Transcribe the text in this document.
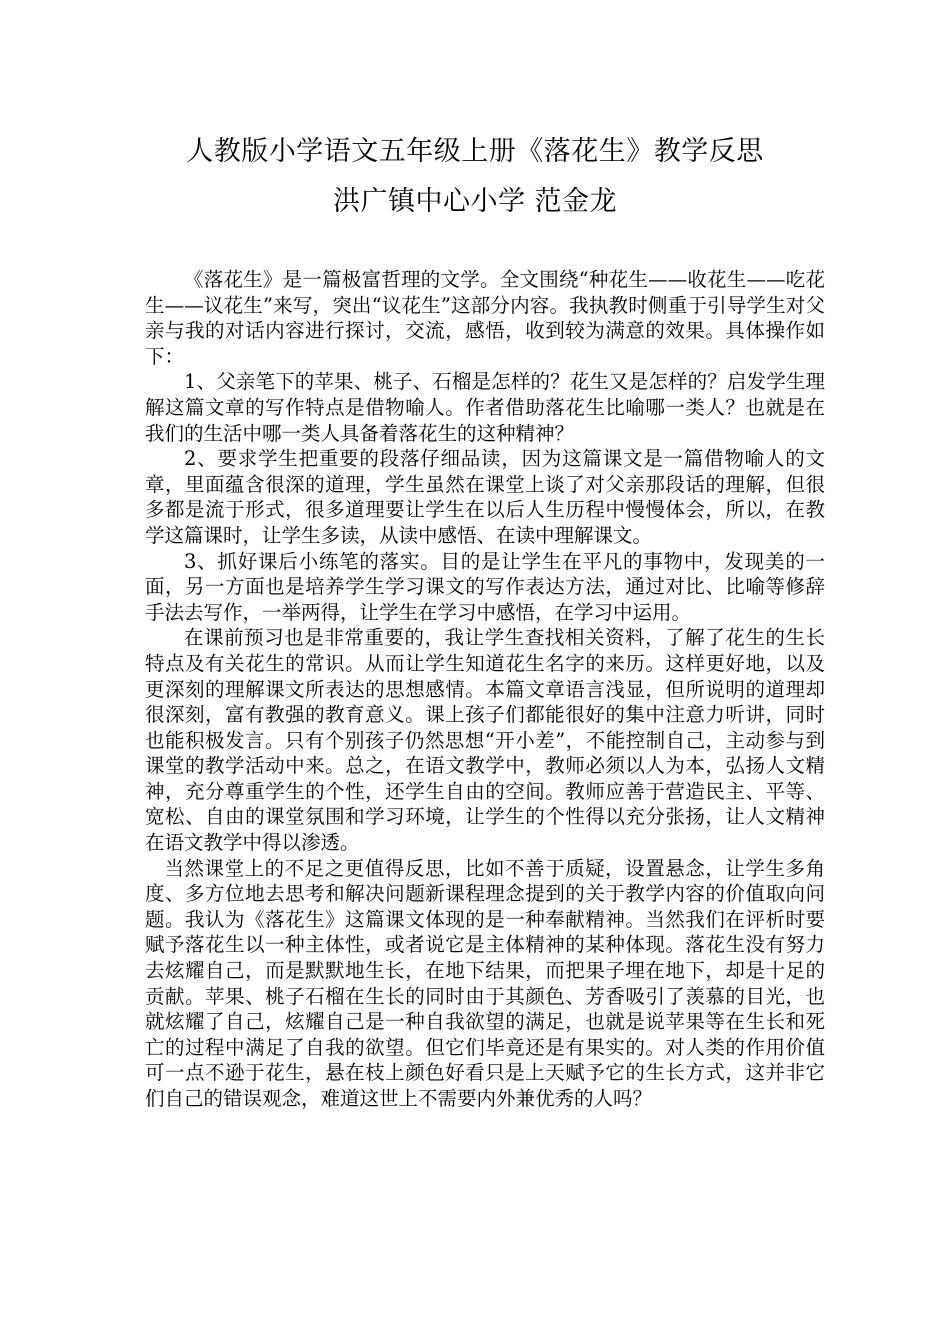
人教版小学语文五年级上册《落花生》教学反思
洪广镇中心小学 范金龙

《落花生》是一篇极富哲理的文学。全文围绕“种花生——收花生——吃花生——议花生”来写，突出“议花生”这部分内容。我执教时侧重于引导学生对父亲与我的对话内容进行探讨，交流，感悟，收到较为满意的效果。具体操作如下：

1、父亲笔下的苹果、桃子、石榴是怎样的？花生又是怎样的？启发学生理解这篇文章的写作特点是借物喻人。作者借助落花生比喻哪一类人？也就是在我们的生活中哪一类人具备着落花生的这种精神？

2、要求学生把重要的段落仔细品读，因为这篇课文是一篇借物喻人的文章，里面蕴含很深的道理，学生虽然在课堂上谈了对父亲那段话的理解，但很多都是流于形式，很多道理要让学生在以后人生历程中慢慢体会，所以，在教学这篇课时，让学生多读，从读中感悟、在读中理解课文。

3、抓好课后小练笔的落实。目的是让学生在平凡的事物中，发现美的一面，另一方面也是培养学生学习课文的写作表达方法，通过对比、比喻等修辞手法去写作，一举两得，让学生在学习中感悟，在学习中运用。

在课前预习也是非常重要的，我让学生查找相关资料，了解了花生的生长特点及有关花生的常识。从而让学生知道花生名字的来历。这样更好地，以及更深刻的理解课文所表达的思想感情。本篇文章语言浅显，但所说明的道理却很深刻，富有教强的教育意义。课上孩子们都能很好的集中注意力听讲，同时也能积极发言。只有个别孩子仍然思想“开小差”，不能控制自己，主动参与到课堂的教学活动中来。总之，在语文教学中，教师必须以人为本，弘扬人文精神，充分尊重学生的个性，还学生自由的空间。教师应善于营造民主、平等、宽松、自由的课堂氛围和学习环境，让学生的个性得以充分张扬，让人文精神在语文教学中得以渗透。

当然课堂上的不足之更值得反思，比如不善于质疑，设置悬念，让学生多角度、多方位地去思考和解决问题新课程理念提到的关于教学内容的价值取向问题。我认为《落花生》这篇课文体现的是一种奉献精神。当然我们在评析时要赋予落花生以一种主体性，或者说它是主体精神的某种体现。落花生没有努力去炫耀自己，而是默默地生长，在地下结果，而把果子埋在地下，却是十足的贡献。苹果、桃子石榴在生长的同时由于其颜色、芳香吸引了羡慕的目光，也就炫耀了自己，炫耀自己是一种自我欲望的满足，也就是说苹果等在生长和死亡的过程中满足了自我的欲望。但它们毕竟还是有果实的。对人类的作用价值可一点不逊于花生，悬在枝上颜色好看只是上天赋予它的生长方式，这并非它们自己的错误观念，难道这世上不需要内外兼优秀的人吗？
